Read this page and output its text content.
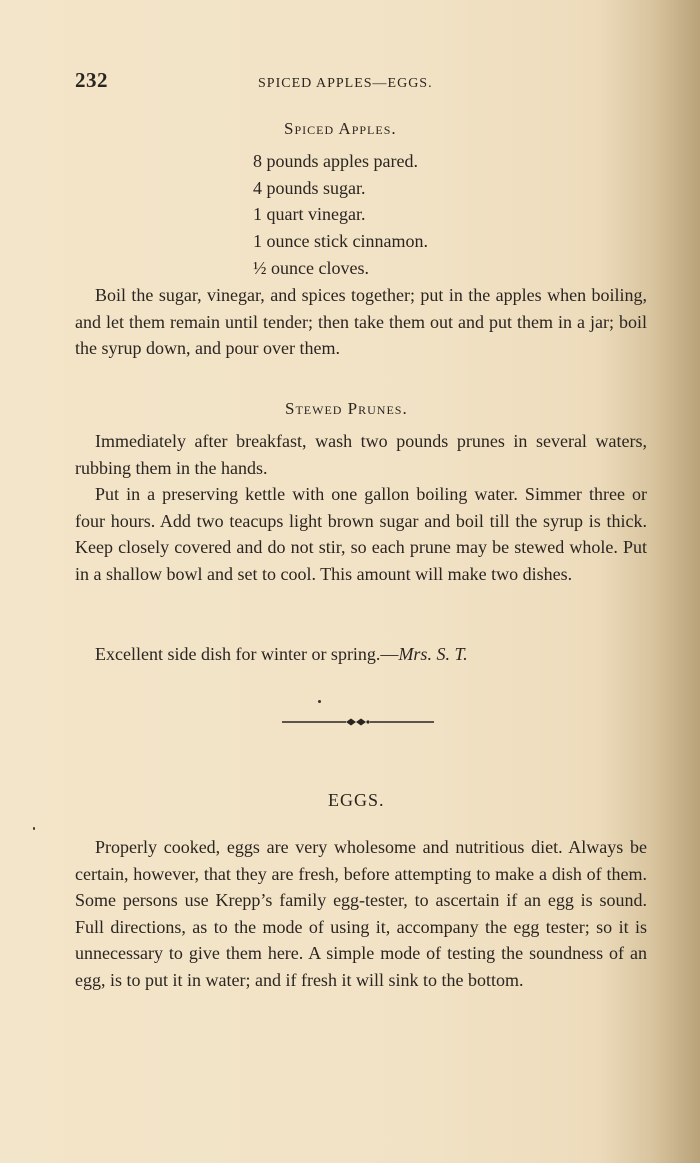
232	SPICED APPLES—EGGS.
Spiced Apples.
8 pounds apples pared.
4 pounds sugar.
1 quart vinegar.
1 ounce stick cinnamon.
½ ounce cloves.

Boil the sugar, vinegar, and spices together; put in the apples when boiling, and let them remain until tender; then take them out and put them in a jar; boil the syrup down, and pour over them.

Stewed Prunes.

Immediately after breakfast, wash two pounds prunes in several waters, rubbing them in the hands.

Put in a preserving kettle with one gallon boiling water. Simmer three or four hours. Add two teacups light brown sugar and boil till the syrup is thick. Keep closely covered and do not stir, so each prune may be stewed whole. Put in a shallow bowl and set to cool. This amount will make two dishes.

Excellent side dish for winter or spring.—Mrs. S. T.

EGGS.

Properly cooked, eggs are very wholesome and nutritious diet. Always be certain, however, that they are fresh, before attempting to make a dish of them. Some persons use Krepp’s family egg-tester, to ascertain if an egg is sound. Full directions, as to the mode of using it, accompany the egg tester; so it is unnecessary to give them here. A simple mode of testing the soundness of an egg, is to put it in water; and if fresh it will sink to the bottom.
